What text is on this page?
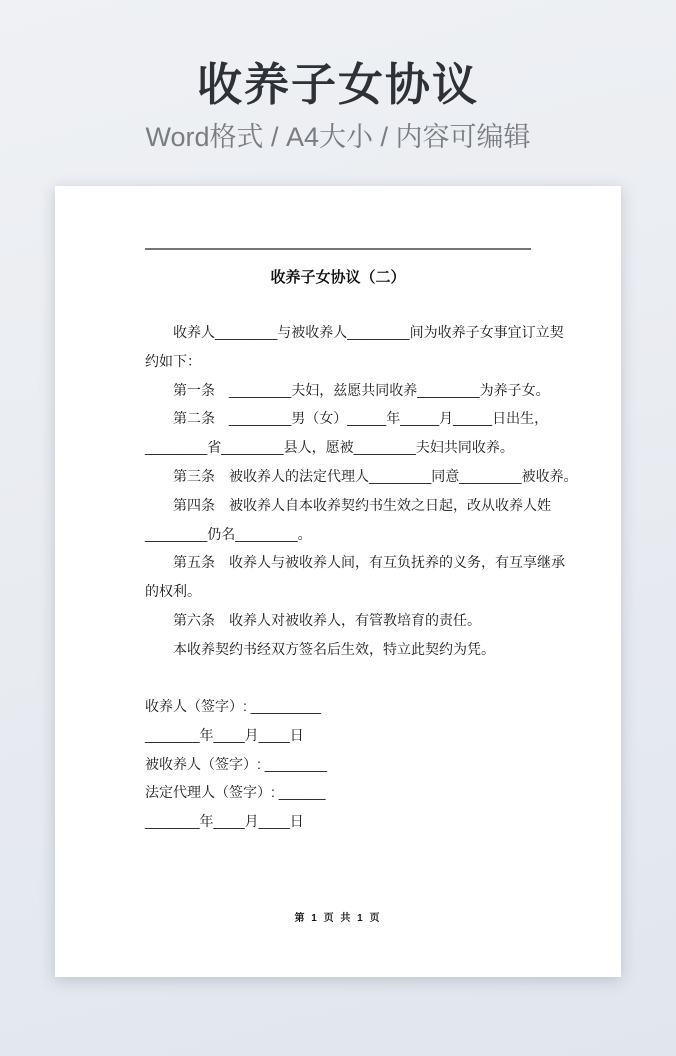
收养子女协议
Word格式 / A4大小 / 内容可编辑
收养子女协议（二）
收养人________与被收养人________间为收养子女事宜订立契
约如下：
第一条　________夫妇，兹愿共同收养________为养子女。
第二条　________男（女）_____年_____月_____日出生，
________省________县人，愿被________夫妇共同收养。
第三条　被收养人的法定代理人________同意________被收养。
第四条　被收养人自本收养契约书生效之日起，改从收养人姓
________仍名________。
第五条　收养人与被收养人间，有互负抚养的义务，有互享继承
的权利。
第六条　收养人对被收养人，有管教培育的责任。
本收养契约书经双方签名后生效，特立此契约为凭。
收养人（签字）: _________
_______年____月____日
被收养人（签字）: ________
法定代理人（签字）: ______
_______年____月____日
第 1 页 共 1 页
